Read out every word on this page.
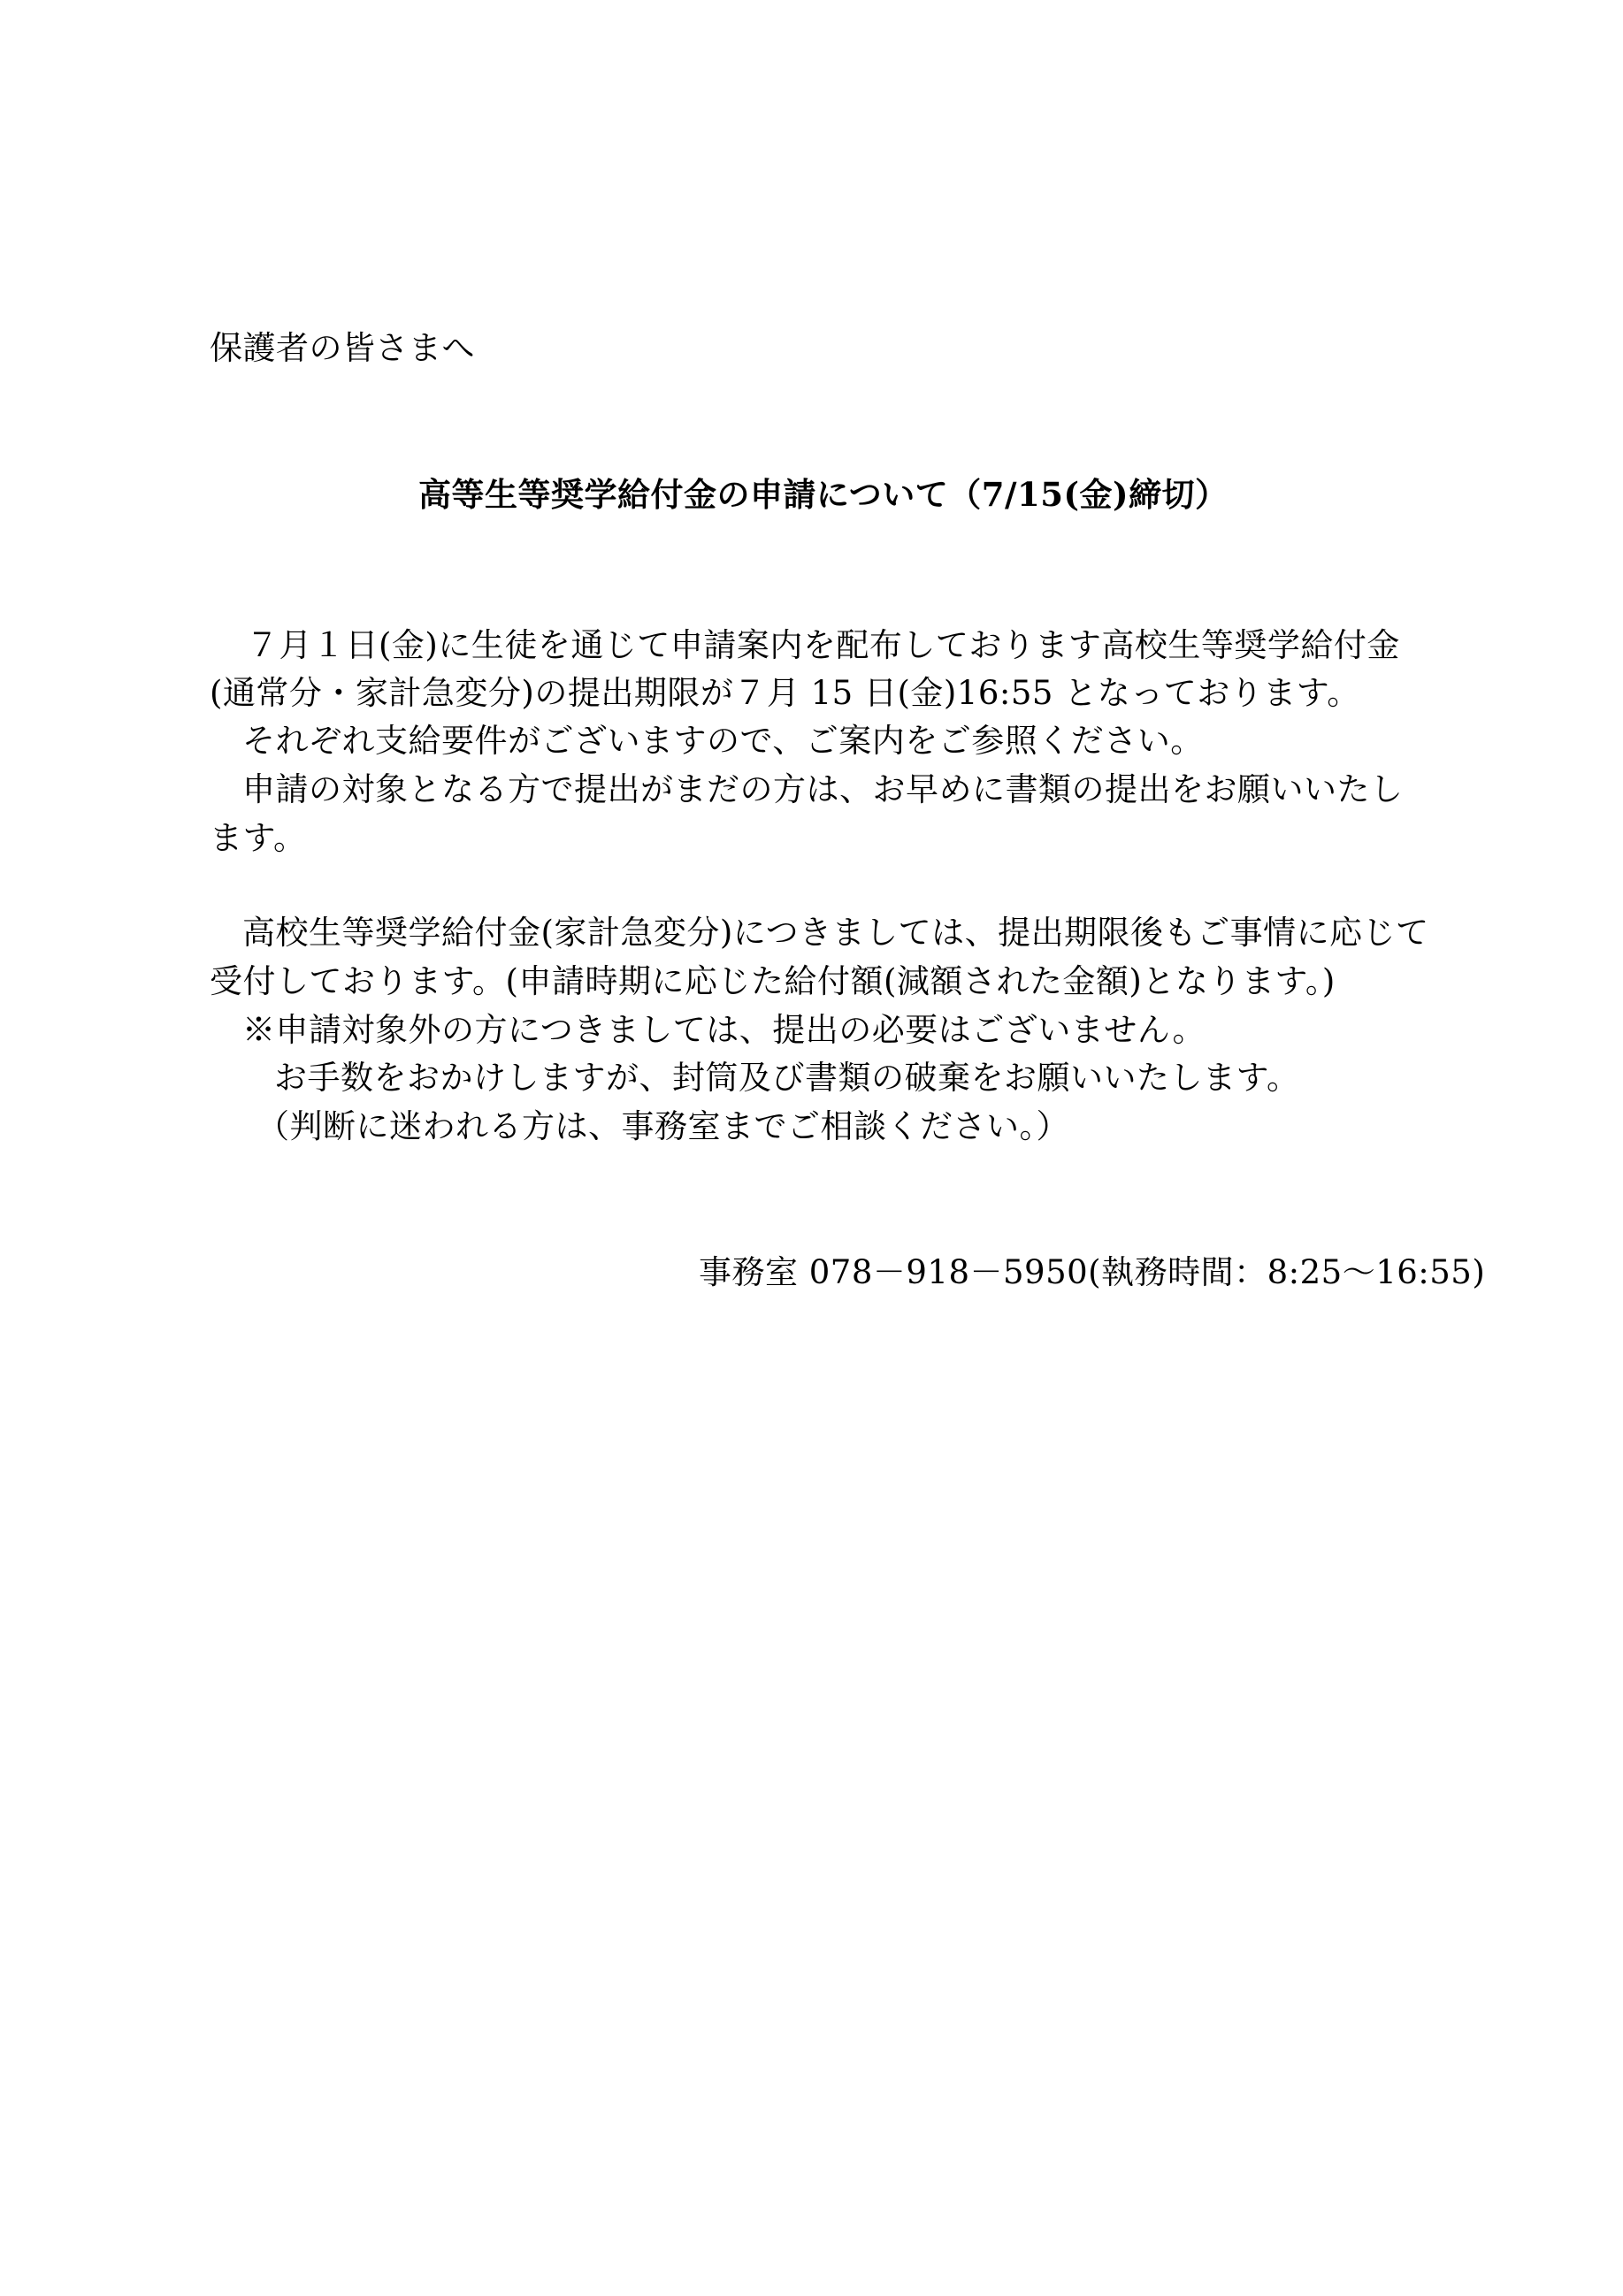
保護者の皆さまへ
高等生等奨学給付金の申請について（7/15(金)締切）
７月１日(金)に生徒を通じて申請案内を配布しております高校生等奨学給付金
(通常分・家計急変分)の提出期限が７月 15 日(金)16:55 となっております。
それぞれ支給要件がございますので、ご案内をご参照ください。
申請の対象となる方で提出がまだの方は、お早めに書類の提出をお願いいたし
ます。
高校生等奨学給付金(家計急変分)につきましては、提出期限後もご事情に応じて
受付しております。(申請時期に応じた給付額(減額された金額)となります。)
※申請対象外の方につきましては、提出の必要はございません。
お手数をおかけしますが、封筒及び書類の破棄をお願いいたします。
（判断に迷われる方は、事務室までご相談ください。）
事務室 078－918－5950(執務時間：8:25～16:55)
